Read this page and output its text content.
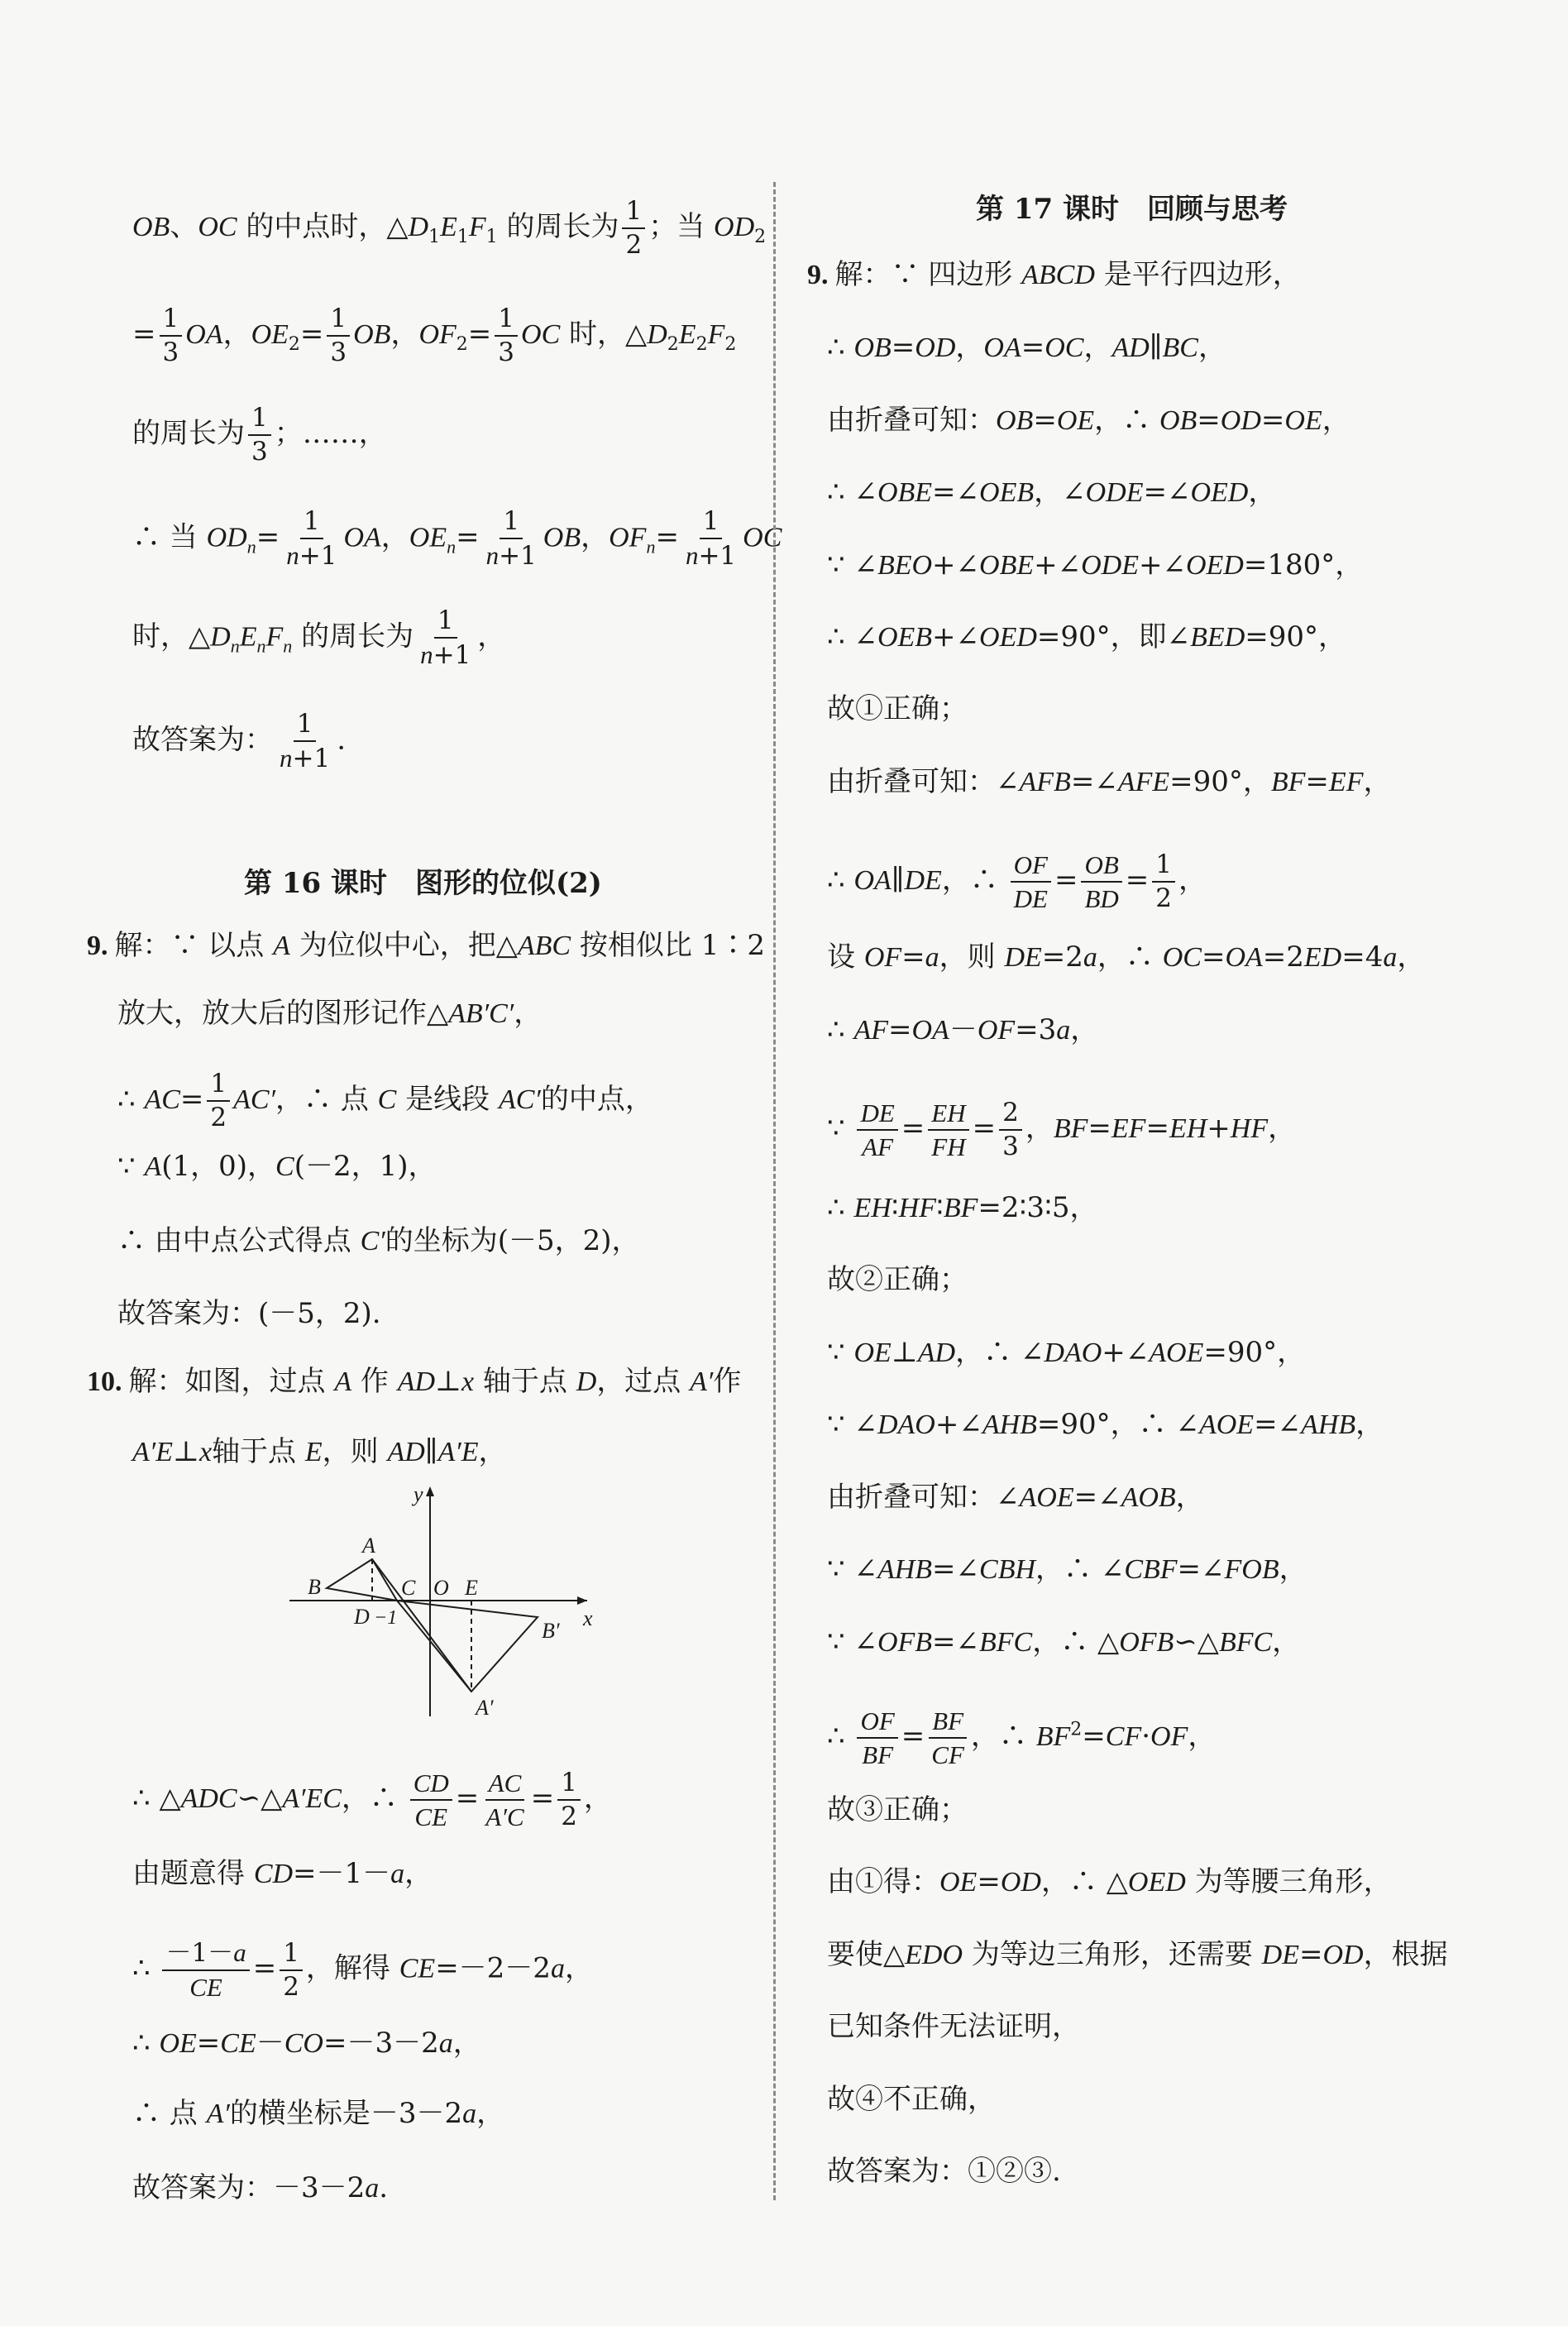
OB、OC 的中点时，$\triangle D_1E_1F_1$ 的周长为 $\frac{1}{2}$ ；当 $OD_2$
= $\frac{1}{3}$ OA，$OE_2= \frac{1}{3}$ OB，$OF_2= \frac{1}{3}$ OC 时，$\triangle D_2E_2F_2$
的周长为 $\frac{1}{3}$ ；……，
∴ 当 $OD_n= \frac{1}{n+1}$ OA，$OE_n= \frac{1}{n+1}$ OB，$OF_n= \frac{1}{n+1}$ OC
时，$\triangle D_nE_nF_n$ 的周长为 $\frac{1}{n+1}$ ，
故答案为： $\frac{1}{n+1}$ .
第 16 课时　图形的位似(2)
9. 解：∵ 以点 A 为位似中心，把△ABC 按相似比 1∶2
放大，放大后的图形记作△AB′C′，
∴ $AC= \frac{1}{2} AC'$，∴ 点 C 是线段 AC′的中点，
∵ A(1，0)，C(－2，1)，
∴ 由中点公式得点 C′的坐标为(－5，2)，
故答案为：(－5，2).
10. 解：如图，过点 A 作 AD⊥x 轴于点 D，过点 A′作
A′E⊥x轴于点 E，则 AD∥A′E，
y
x
A
B	C O E
D −1
B′
A′
∴ △ADC∽△A′EC，∴ $\frac{CD}{CE} = \frac{AC}{A'C} = \frac{1}{2}$ ，
由题意得 CD=－1－a，
∴ $\frac{-1-a}{CE} = \frac{1}{2}$ ，解得 CE=－2－2a，
∴ OE=CE－CO=－3－2a，
∴ 点 A′的横坐标是－3－2a，
故答案为：－3－2a.
第 17 课时　回顾与思考
9. 解：∵ 四边形 ABCD 是平行四边形，
∴ OB=OD，OA=OC，AD∥BC，
由折叠可知：OB=OE，∴ OB=OD=OE，
∴ ∠OBE=∠OEB，∠ODE=∠OED，
∵ ∠BEO+∠OBE+∠ODE+∠OED=180°，
∴ ∠OEB+∠OED=90°，即∠BED=90°，
故①正确；
由折叠可知：∠AFB=∠AFE=90°，BF=EF，
∴ OA∥DE，∴ $\frac{OF}{DE} = \frac{OB}{BD} = \frac{1}{2}$ ，
设 OF=a，则 DE=2a，∴ OC=OA=2ED=4a，
∴ AF=OA－OF=3a，
∵ $\frac{DE}{AF} = \frac{EH}{FH} = \frac{2}{3}$ ，BF=EF=EH+HF，
∴ EH∶HF∶BF=2∶3∶5，
故②正确；
∵ OE⊥AD，∴ ∠DAO+∠AOE=90°，
∵ ∠DAO+∠AHB=90°，∴ ∠AOE=∠AHB，
由折叠可知：∠AOE=∠AOB，
∵ ∠AHB=∠CBH，∴ ∠CBF=∠FOB，
∵ ∠OFB=∠BFC，∴ △OFB∽△BFC，
∴ $\frac{OF}{BF} = \frac{BF}{CF}$ ，∴ $BF^2=CF\cdot OF$，
故③正确；
由①得：OE=OD，∴ △OED 为等腰三角形，
要使△EDO 为等边三角形，还需要 DE=OD，根据
已知条件无法证明，
故④不正确，
故答案为：①②③.
